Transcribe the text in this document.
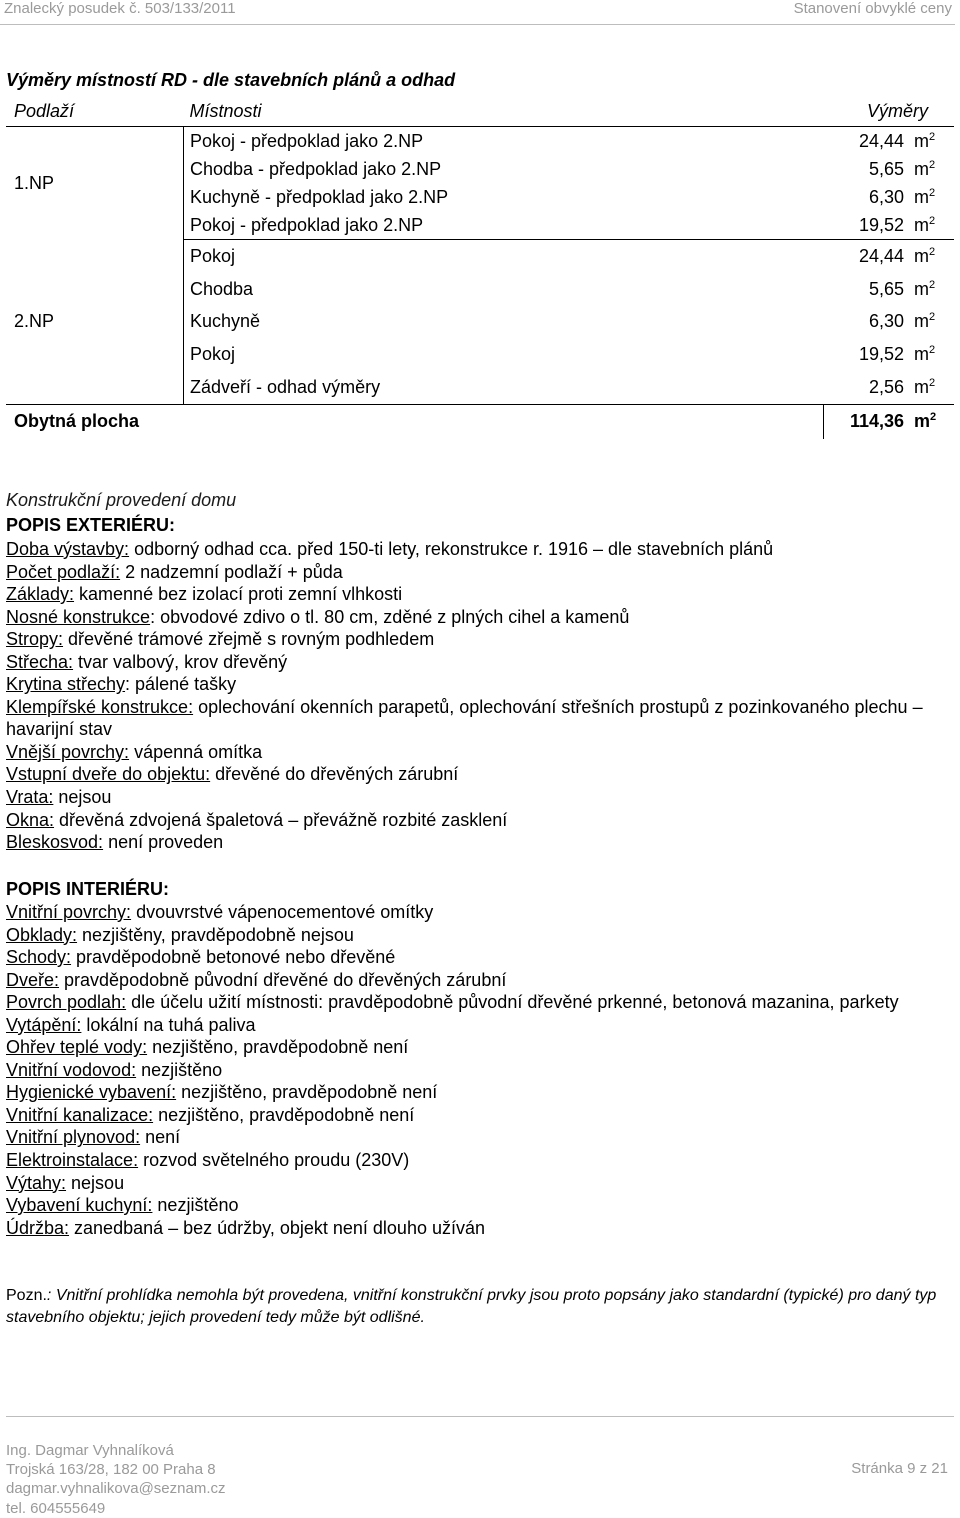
Znalecký posudek č. 503/133/2011	Stanovení obvyklé ceny
Výměry místností RD - dle stavebních plánů a odhad
Podlaží	Místnosti	Výměry	
1.NP	Pokoj - předpoklad jako 2.NP	24,44	$m^2$
	Chodba - předpoklad jako 2.NP	5,65	$m^2$
	Kuchyně - předpoklad jako 2.NP	6,30	$m^2$
	Pokoj - předpoklad jako 2.NP	19,52	$m^2$
2.NP	Pokoj	24,44	$m^2$
	Chodba	5,65	$m^2$
	Kuchyně	6,30	$m^2$
	Pokoj	19,52	$m^2$
	Zádveří - odhad výměry	2,56	$m^2$
Obytná plocha		114,36	$m^2$
Konstrukční provedení domu
POPIS EXTERIÉRU:
Doba výstavby: odborný odhad cca. před 150-ti lety, rekonstrukce r. 1916 – dle stavebních plánů
Počet podlaží: 2 nadzemní podlaží + půda
Základy: kamenné bez izolací proti zemní vlhkosti
Nosné konstrukce: obvodové zdivo o tl. 80 cm, zděné z plných cihel a kamenů
Stropy: dřevěné trámové zřejmě s rovným podhledem
Střecha: tvar valbový, krov dřevěný
Krytina střechy: pálené tašky
Klempířské konstrukce: oplechování okenních parapetů, oplechování střešních prostupů z pozinkovaného plechu – havarijní stav
Vnější povrchy: vápenná omítka
Vstupní dveře do objektu: dřevěné do dřevěných zárubní
Vrata: nejsou
Okna: dřevěná zdvojená špaletová – převážně rozbité zasklení
Bleskosvod: není proveden
POPIS INTERIÉRU:
Vnitřní povrchy: dvouvrstvé vápenocementové omítky
Obklady: nezjištěny, pravděpodobně nejsou
Schody: pravděpodobně betonové nebo dřevěné
Dveře: pravděpodobně původní dřevěné do dřevěných zárubní
Povrch podlah: dle účelu užití místnosti: pravděpodobně původní dřevěné prkenné, betonová mazanina, parkety
Vytápění: lokální na tuhá paliva
Ohřev teplé vody: nezjištěno, pravděpodobně není
Vnitřní vodovod: nezjištěno
Hygienické vybavení: nezjištěno, pravděpodobně není
Vnitřní kanalizace: nezjištěno, pravděpodobně není
Vnitřní plynovod: není
Elektroinstalace: rozvod světelného proudu (230V)
Výtahy: nejsou
Vybavení kuchyní: nezjištěno
Údržba: zanedbaná – bez údržby, objekt není dlouho užíván
Pozn.: Vnitřní prohlídka nemohla být provedena, vnitřní konstrukční prvky jsou proto popsány jako standardní (typické) pro daný typ stavebního objektu; jejich provedení tedy může být odlišné.
Ing. Dagmar Vyhnalíková
Trojská 163/28, 182 00 Praha 8
dagmar.vyhnalikova@seznam.cz
tel. 604555649
Stránka 9 z 21
